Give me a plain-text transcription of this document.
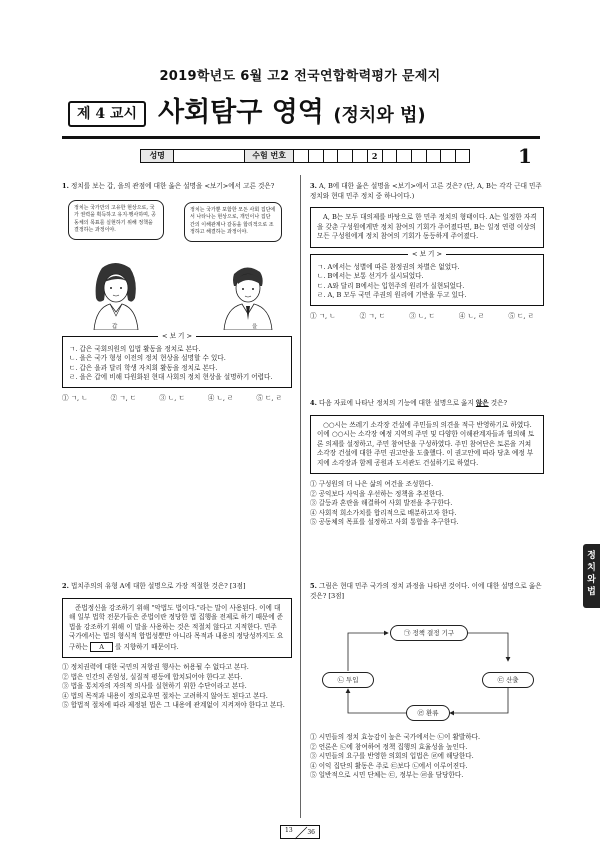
2019학년도 6월 고2 전국연합학력평가 문제지
제 4 교시 사회탐구 영역 (정치와 법)
성명	수험 번호	2	1
1. 정치를 보는 갑, 을의 관점에 대한 옳은 설명을 <보기>에서 고른 것은?
정치는 국가만의 고유한 현상으로, 국가 권력을 획득하고 유지·행사하며, 공동체의 목표를 실현하기 위해 정책을 결정하는 과정이야.
정치는 국가뿐 포함한 모든 사회 집단에서 나타나는 현상으로, 개인이나 집단 간의 이해관계나 갈등을 합리적으로 조정하고 해결하는 과정이야.
갑	을
< 보 기 >
ㄱ. 갑은 국회의원의 입법 활동을 정치로 본다.
ㄴ. 을은 국가 형성 이전의 정치 현상을 설명할 수 있다.
ㄷ. 갑은 을과 달리 학생 자치회 활동을 정치로 본다.
ㄹ. 을은 갑에 비해 다원화된 현대 사회의 정치 현상을 설명하기 어렵다.
① ㄱ, ㄴ	② ㄱ, ㄷ	③ ㄴ, ㄷ	④ ㄴ, ㄹ	⑤ ㄷ, ㄹ
2. 법치주의의 유형 A에 대한 설명으로 가장 적절한 것은? [3점]
준법정신을 강조하기 위해 "악법도 법이다."라는 말이 사용된다. 이에 대해 일부 법학 전문가들은 준법이란 정당한 법 집행을 전제로 하기 때문에 준법을 강조하기 위해 이 말을 사용하는 것은 적절치 않다고 지적한다. 민주 국가에서는 법의 형식적 합법성뿐만 아니라 목적과 내용의 정당성까지도 요구하는 A 를 지향하기 때문이다.
① 정치권력에 대한 국민의 저항권 행사는 허용될 수 없다고 본다.
② 법은 인간의 존엄성, 실질적 평등에 합치되어야 한다고 본다.
③ 법을 통치자의 자의적 의사를 실현하기 위한 수단이라고 본다.
④ 법의 목적과 내용이 정의로우면 절차는 고려하지 않아도 된다고 본다.
⑤ 합법적 절차에 따라 제정된 법은 그 내용에 관계없이 지켜져야 한다고 본다.
3. A, B에 대한 옳은 설명을 <보기>에서 고른 것은? (단, A, B는 각각 근대 민주 정치와 현대 민주 정치 중 하나이다.)
A, B는 모두 대의제를 바탕으로 한 민주 정치의 형태이다. A는 일정한 자격을 갖춘 구성원에게만 정치 참여의 기회가 주어졌다면, B는 일정 연령 이상의 모든 구성원에게 정치 참여의 기회가 동등하게 주어졌다.
< 보 기 >
ㄱ. A에서는 성별에 따른 참정권의 차별은 없었다.
ㄴ. B에서는 보통 선거가 실시되었다.
ㄷ. A와 달리 B에서는 입헌주의 원리가 실현되었다.
ㄹ. A, B 모두 국민 주권의 원리에 기반을 두고 있다.
① ㄱ, ㄴ	② ㄱ, ㄷ	③ ㄴ, ㄷ	④ ㄴ, ㄹ	⑤ ㄷ, ㄹ
4. 다음 자료에 나타난 정치의 기능에 대한 설명으로 옳지 않은 것은?
○○시는 쓰레기 소각장 건설에 주민들의 의견을 적극 반영하기로 하였다. 이에 ○○시는 소각장 예정 지역의 주민 및 다양한 이해관계자들과 협의해 토론 의제를 설정하고, 주민 참여단을 구성하였다. 주민 참여단은 토론을 거쳐 소각장 건설에 대한 주민 권고안을 도출했다. 이 권고안에 따라 당초 예정 부지에 소각장과 함께 공원과 도서관도 건설하기로 하였다.
① 구성원의 더 나은 삶의 여건을 조성한다.
② 공익보다 사익을 우선하는 정책을 추진한다.
③ 갈등과 혼란을 해결하여 사회 발전을 추구한다.
④ 사회적 희소가치를 합리적으로 배분하고자 한다.
⑤ 공동체의 목표를 설정하고 사회 통합을 추구한다.
5. 그림은 현대 민주 국가의 정치 과정을 나타낸 것이다. 이에 대한 설명으로 옳은 것은? [3점]
㉠ 정책 결정 기구
㉡ 투입	㉢ 산출
㉣ 환류
① 시민들의 정치 효능감이 높은 국가에서는 ㉡이 활발하다.
② 언론은 ㉡에 참여하여 정책 집행의 효율성을 높인다.
③ 시민들의 요구를 반영한 의회의 입법은 ㉣에 해당한다.
④ 이익 집단의 활동은 주로 ㉢보다 ㉡에서 이루어진다.
⑤ 일반적으로 시민 단체는 ㉢, 정부는 ㉣을 담당한다.
정
치
와
법
13 36
